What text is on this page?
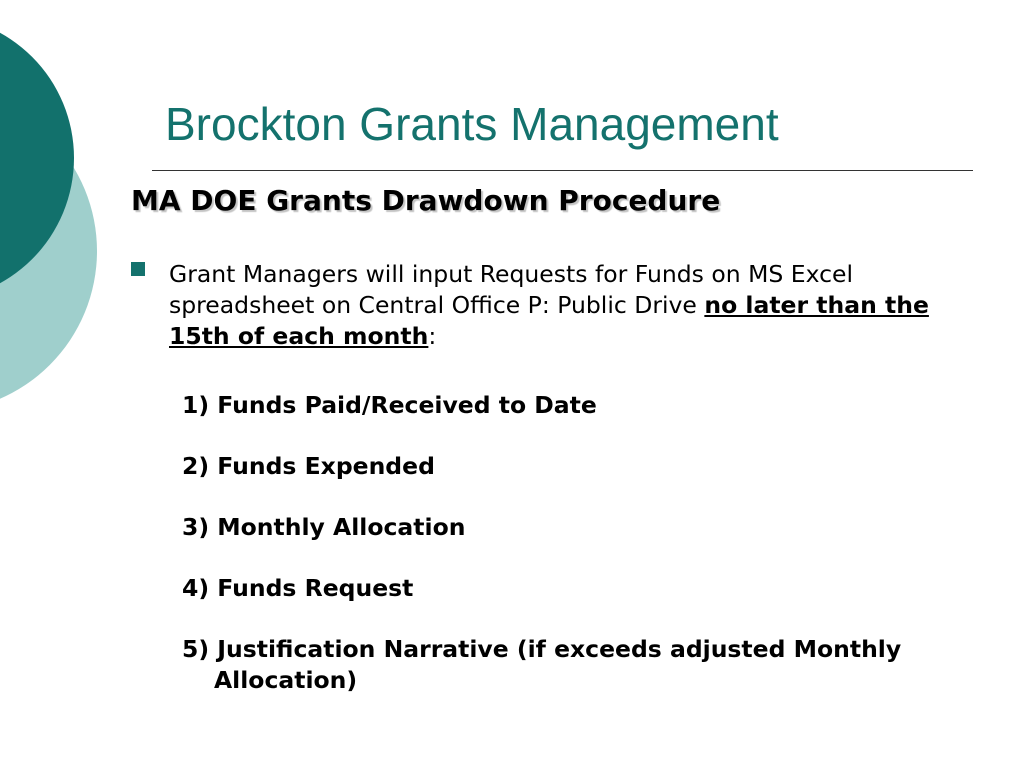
Brockton Grants Management
MA DOE Grants Drawdown Procedure

Grant Managers will input Requests for Funds on MS Excel spreadsheet on Central Office P: Public Drive no later than the 15th of each month:

1) Funds Paid/Received to Date
2) Funds Expended
3) Monthly Allocation
4) Funds Request
5) Justification Narrative (if exceeds adjusted Monthly Allocation)
